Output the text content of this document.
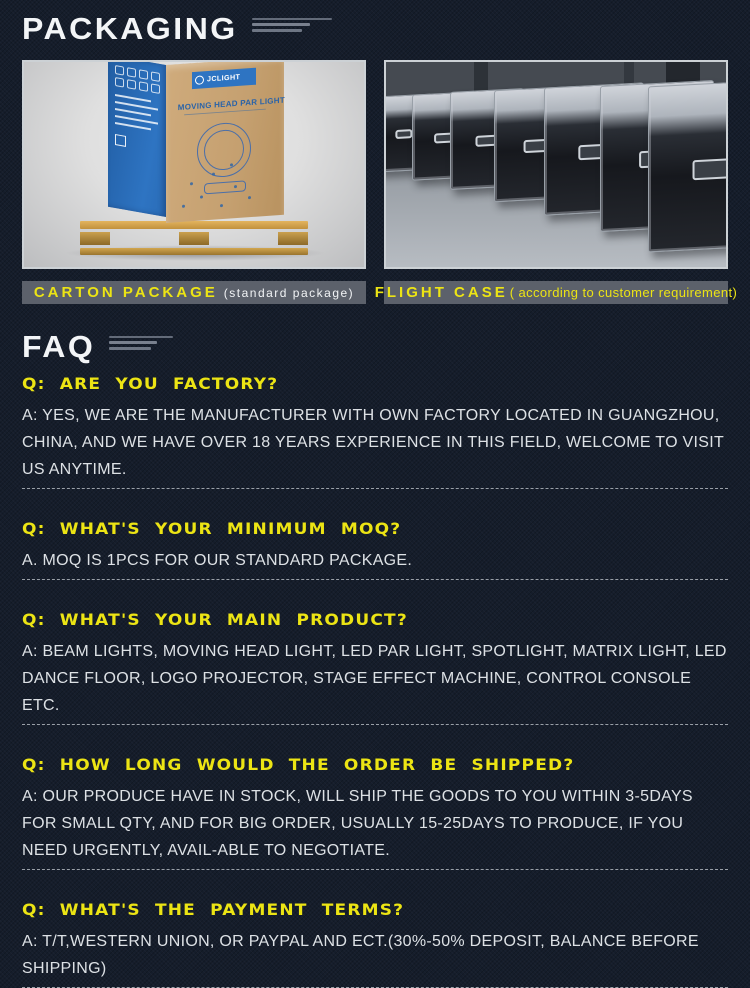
PACKAGING
JCLIGHT
MOVING HEAD PAR LIGHT
CARTON PACKAGE (standard package) FLIGHT CASE ( according to customer requirement)
FAQ
Q: ARE YOU FACTORY?

A: YES, WE ARE THE MANUFACTURER WITH OWN FACTORY LOCATED IN GUANGZHOU, CHINA, AND WE HAVE OVER 18 YEARS EXPERIENCE IN THIS FIELD, WELCOME TO VISIT US ANYTIME.

Q: WHAT'S YOUR MINIMUM MOQ?

A. MOQ IS 1PCS FOR OUR STANDARD PACKAGE.

Q: WHAT'S YOUR MAIN PRODUCT?

A: BEAM LIGHTS, MOVING HEAD LIGHT, LED PAR LIGHT, SPOTLIGHT, MATRIX LIGHT, LED DANCE FLOOR, LOGO PROJECTOR, STAGE EFFECT MACHINE, CONTROL CONSOLE ETC.

Q: HOW LONG WOULD THE ORDER BE SHIPPED?

A: OUR PRODUCE HAVE IN STOCK, WILL SHIP THE GOODS TO YOU WITHIN 3-5DAYS FOR SMALL QTY, AND FOR BIG ORDER, USUALLY 15-25DAYS TO PRODUCE, IF YOU NEED URGENTLY, AVAIL-ABLE TO NEGOTIATE.

Q: WHAT'S THE PAYMENT TERMS?

A: T/T,WESTERN UNION, OR PAYPAL AND ECT.(30%-50% DEPOSIT, BALANCE BEFORE SHIPPING)
